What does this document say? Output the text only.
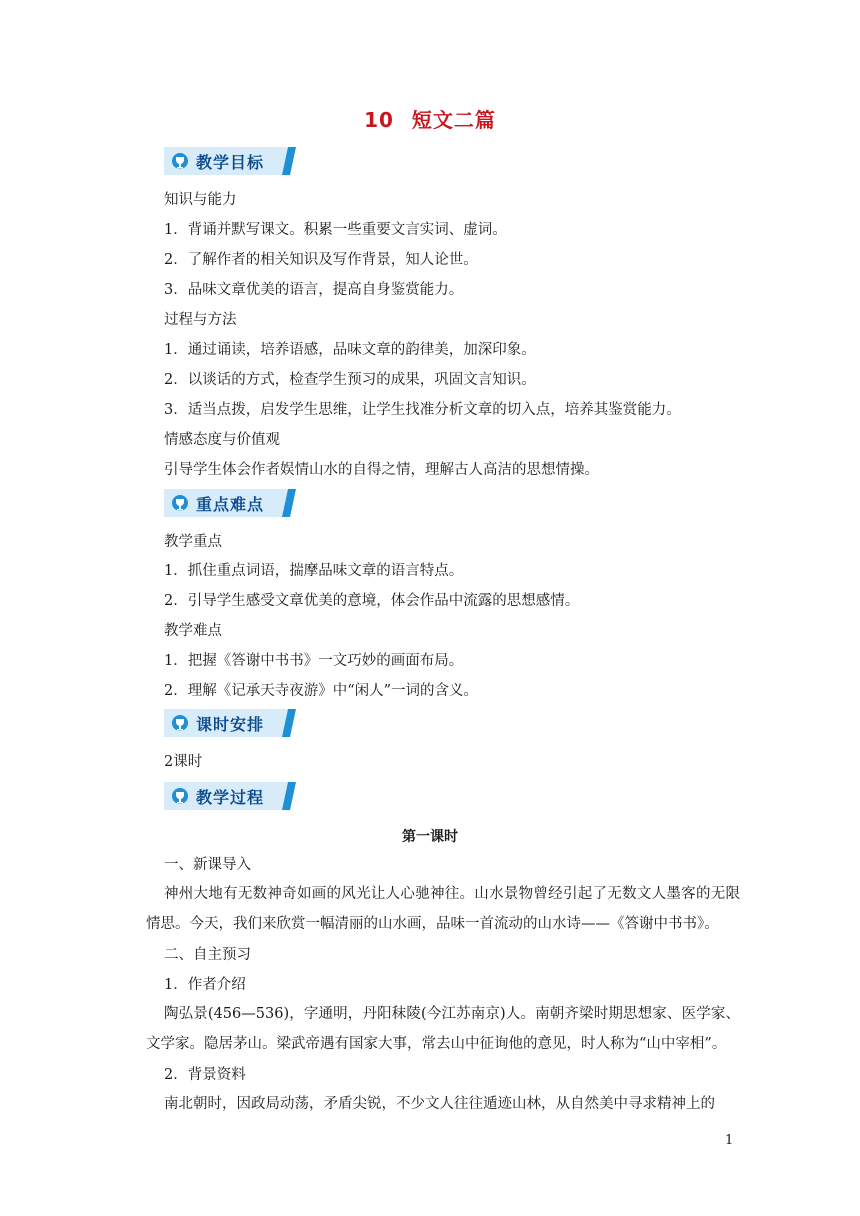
10 短文二篇
教学目标
知识与能力
1．背诵并默写课文。积累一些重要文言实词、虚词。
2．了解作者的相关知识及写作背景，知人论世。
3．品味文章优美的语言，提高自身鉴赏能力。
过程与方法
1．通过诵读，培养语感，品味文章的韵律美，加深印象。
2．以谈话的方式，检查学生预习的成果，巩固文言知识。
3．适当点拨，启发学生思维，让学生找准分析文章的切入点，培养其鉴赏能力。
情感态度与价值观
引导学生体会作者娱情山水的自得之情，理解古人高洁的思想情操。
重点难点
教学重点
1．抓住重点词语，揣摩品味文章的语言特点。
2．引导学生感受文章优美的意境，体会作品中流露的思想感情。
教学难点
1．把握《答谢中书书》一文巧妙的画面布局。
2．理解《记承天寺夜游》中“闲人”一词的含义。
课时安排
2课时
教学过程
第一课时
一、新课导入
神州大地有无数神奇如画的风光让人心驰神往。山水景物曾经引起了无数文人墨客的无限情思。今天，我们来欣赏一幅清丽的山水画，品味一首流动的山水诗——《答谢中书书》。
二、自主预习
1．作者介绍
陶弘景(456—536)，字通明，丹阳秣陵(今江苏南京)人。南朝齐梁时期思想家、医学家、文学家。隐居茅山。梁武帝遇有国家大事，常去山中征询他的意见，时人称为“山中宰相”。
2．背景资料
南北朝时，因政局动荡，矛盾尖锐，不少文人往往遁迹山林，从自然美中寻求精神上的
1
